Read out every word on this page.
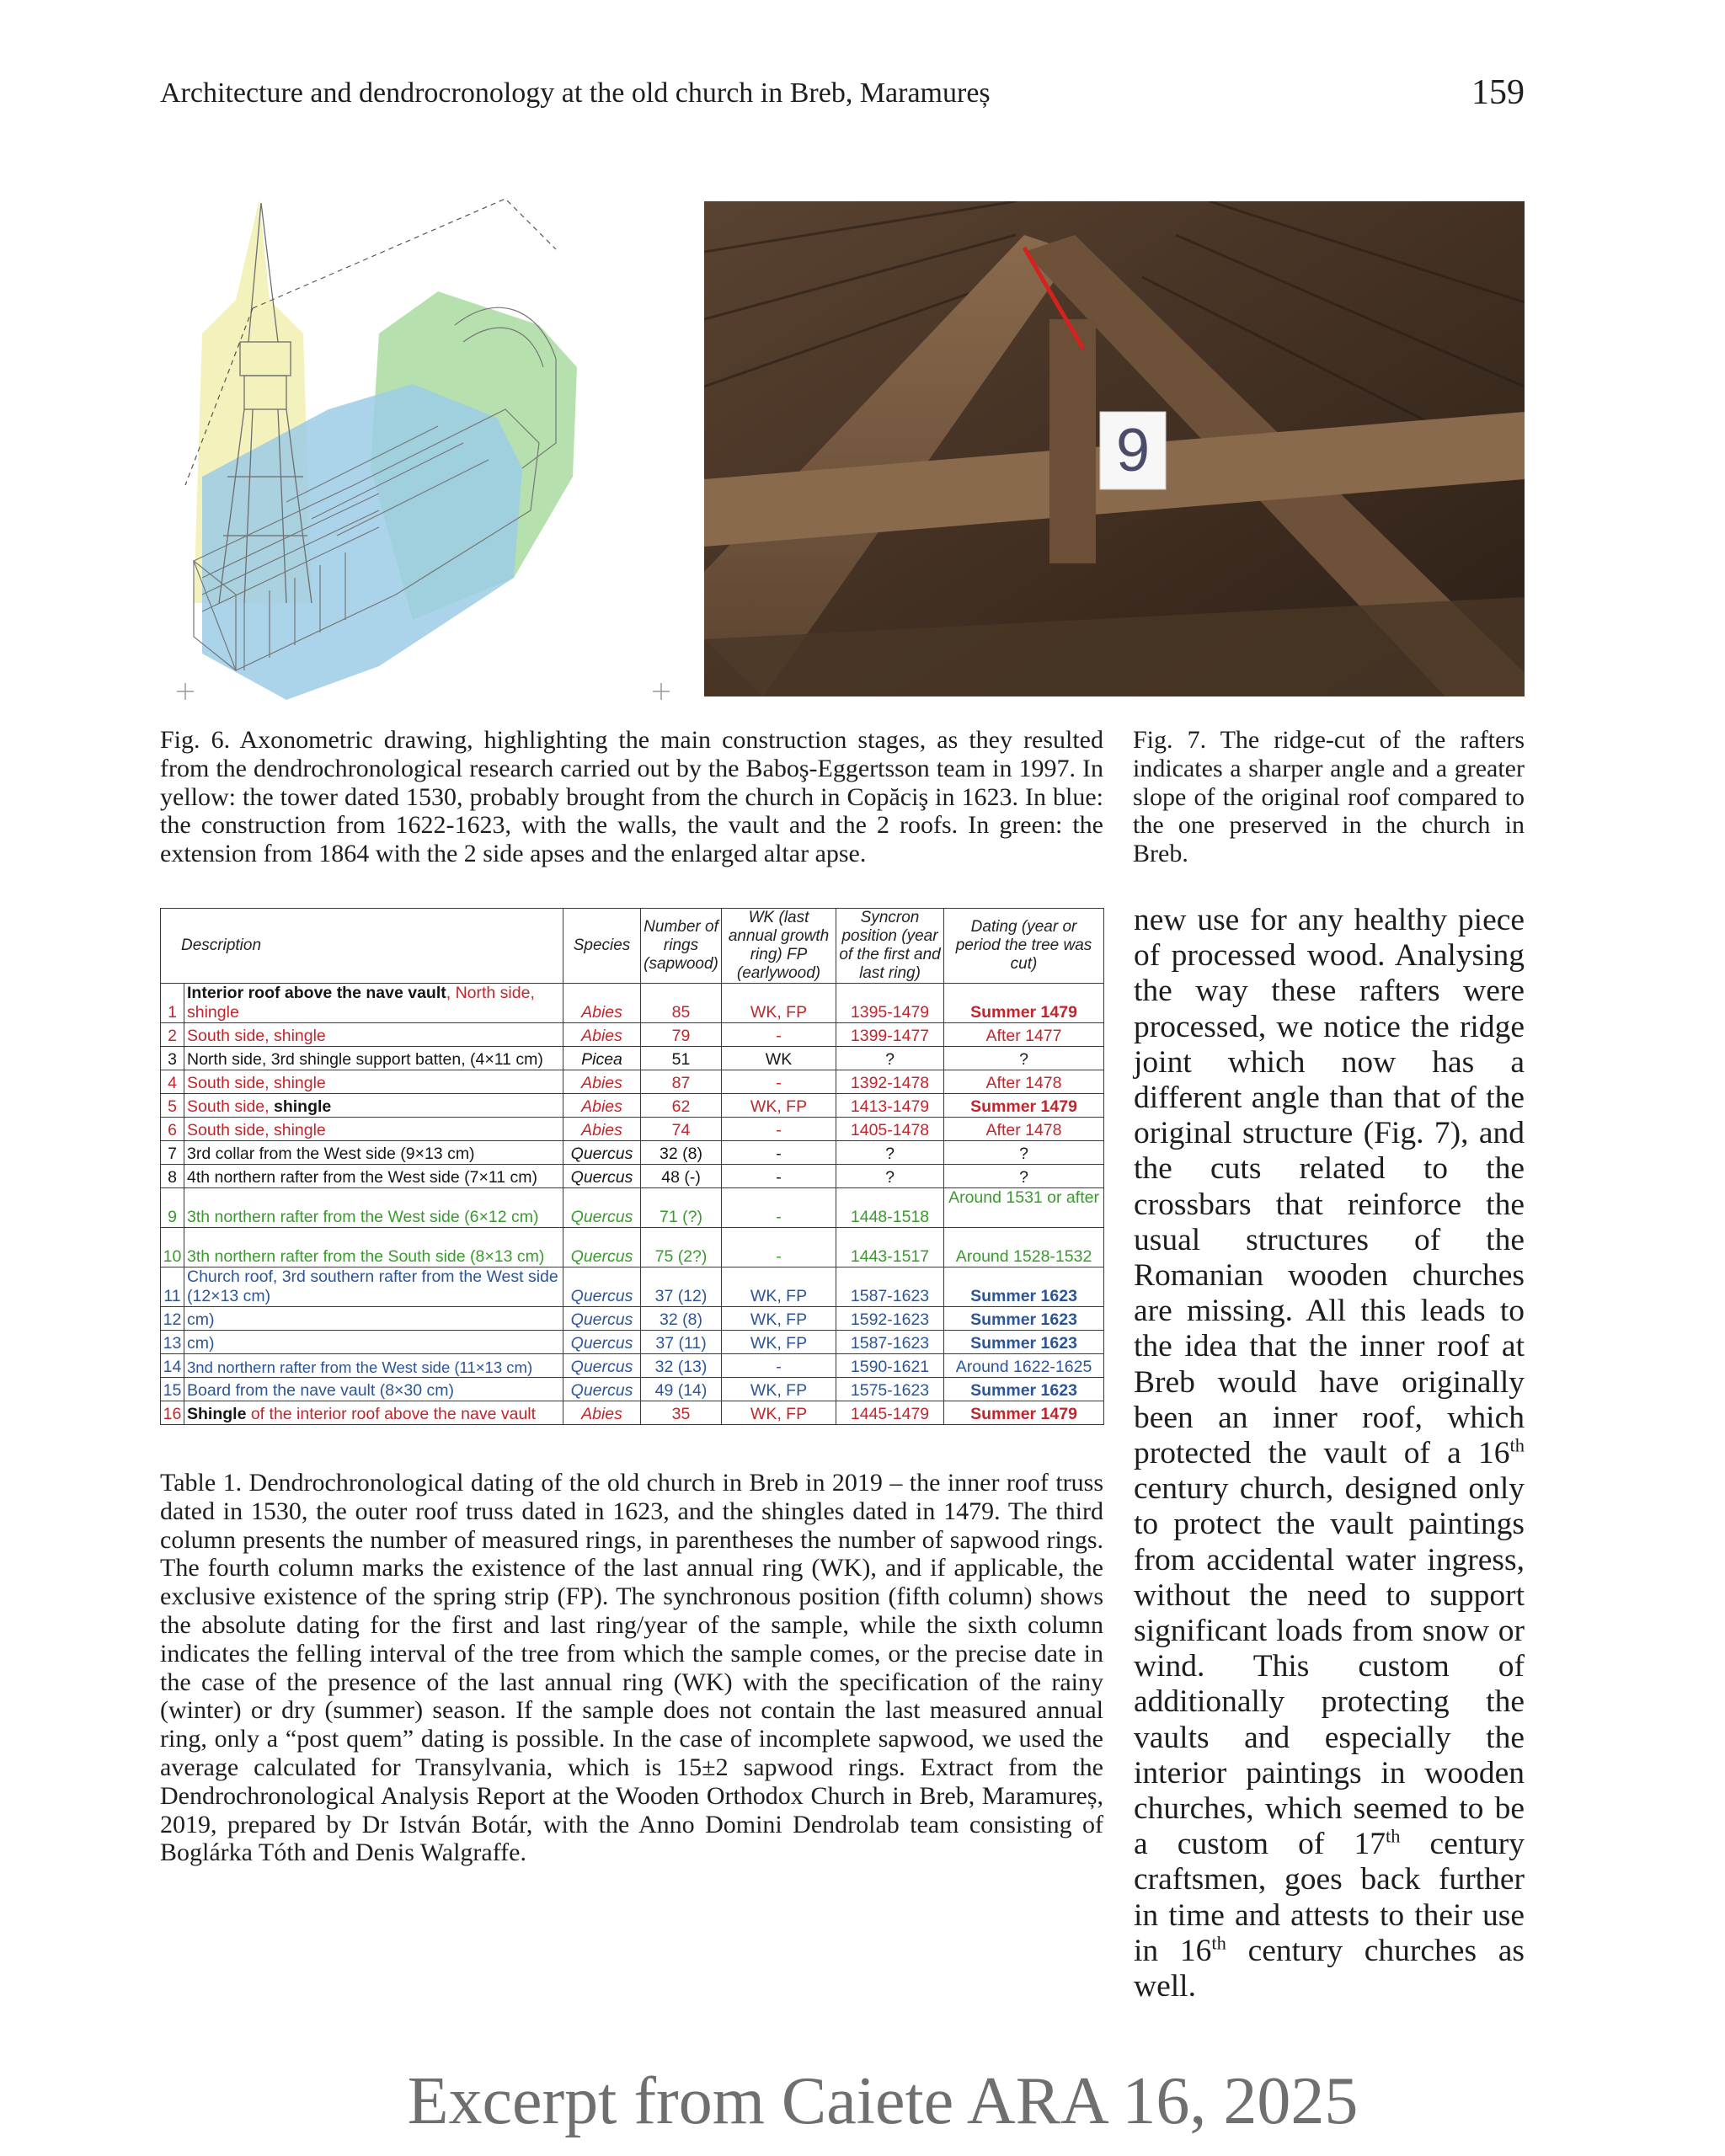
Architecture and dendrocronology at the old church in Breb, Maramureș	159
9
Fig. 6. Axonometric drawing, highlighting the main construction stages, as they resulted from the dendrochronological research carried out by the Baboş-Eggertsson team in 1997. In yellow: the tower dated 1530, probably brought from the church in Copăciş in 1623. In blue: the construction from 1622-1623, with the walls, the vault and the 2 roofs. In green: the extension from 1864 with the 2 side apses and the enlarged altar apse.
Fig. 7. The ridge-cut of the rafters indicates a sharper angle and a greater slope of the original roof compared to the one preserved in the church in Breb.
Description		Species	Number of rings (sapwood)	WK (last annual growth ring) FP (earlywood)	Syncron position (year of the first and last ring)	Dating (year or period the tree was cut)
1	Interior roof above the nave vault, North side, shingle	Abies	85	WK, FP	1395-1479	Summer 1479
2	South side, shingle	Abies	79	-	1399-1477	After 1477
3	North side, 3rd shingle support batten, (4×11 cm)	Picea	51	WK	?	?
4	South side, shingle	Abies	87	-	1392-1478	After 1478
5	South side, shingle	Abies	62	WK, FP	1413-1479	Summer 1479
6	South side, shingle	Abies	74	-	1405-1478	After 1478
7	3rd collar from the West side (9×13 cm)	Quercus	32 (8)	-	?	?
8	4th northern rafter from the West side (7×11 cm)	Quercus	48 (-)	-	?	?
9	3th northern rafter from the West side (6×12 cm)	Quercus	71 (?)	-	1448-1518	Around 1531 or after
10	3th northern rafter from the South side (8×13 cm)	Quercus	75 (2?)	-	1443-1517	Around 1528-1532
11	Church roof, 3rd southern rafter from the West side (12×13 cm)	Quercus	37 (12)	WK, FP	1587-1623	Summer 1623
12	cm)	Quercus	32 (8)	WK, FP	1592-1623	Summer 1623
13	cm)	Quercus	37 (11)	WK, FP	1587-1623	Summer 1623
14	3nd northern rafter from the West side (11×13 cm)	Quercus	32 (13)	-	1590-1621	Around 1622-1625
15	Board from the nave vault (8×30 cm)	Quercus	49 (14)	WK, FP	1575-1623	Summer 1623
16	Shingle of the interior roof above the nave vault	Abies	35	WK, FP	1445-1479	Summer 1479
Table 1. Dendrochronological dating of the old church in Breb in 2019 – the inner roof truss dated in 1530, the outer roof truss dated in 1623, and the shingles dated in 1479. The third column presents the number of measured rings, in parentheses the number of sapwood rings. The fourth column marks the existence of the last annual ring (WK), and if applicable, the exclusive existence of the spring strip (FP). The synchronous position (fifth column) shows the absolute dating for the first and last ring/year of the sample, while the sixth column indicates the felling interval of the tree from which the sample comes, or the precise date in the case of the presence of the last annual ring (WK) with the specification of the rainy (winter) or dry (summer) season. If the sample does not contain the last measured annual ring, only a “post quem” dating is possible. In the case of incomplete sapwood, we used the average calculated for Transylvania, which is 15±2 sapwood rings. Extract from the Dendrochronological Analysis Report at the Wooden Orthodox Church in Breb, Maramureș, 2019, prepared by Dr István Botár, with the Anno Domini Dendrolab team consisting of Boglárka Tóth and Denis Walgraffe.
new use for any healthy piece of processed wood. Analysing the way these rafters were processed, we notice the ridge joint which now has a different angle than that of the original structure (Fig. 7), and the cuts related to the crossbars that reinforce the usual structures of the Romanian wooden churches are missing. All this leads to the idea that the inner roof at Breb would have originally been an inner roof, which protected the vault of a 16th century church, designed only to protect the vault paintings from accidental water ingress, without the need to support significant loads from snow or wind. This custom of additionally protecting the vaults and especially the interior paintings in wooden churches, which seemed to be a custom of 17th century craftsmen, goes back further in time and attests to their use in 16th century churches as well.
Excerpt from Caiete ARA 16, 2025
